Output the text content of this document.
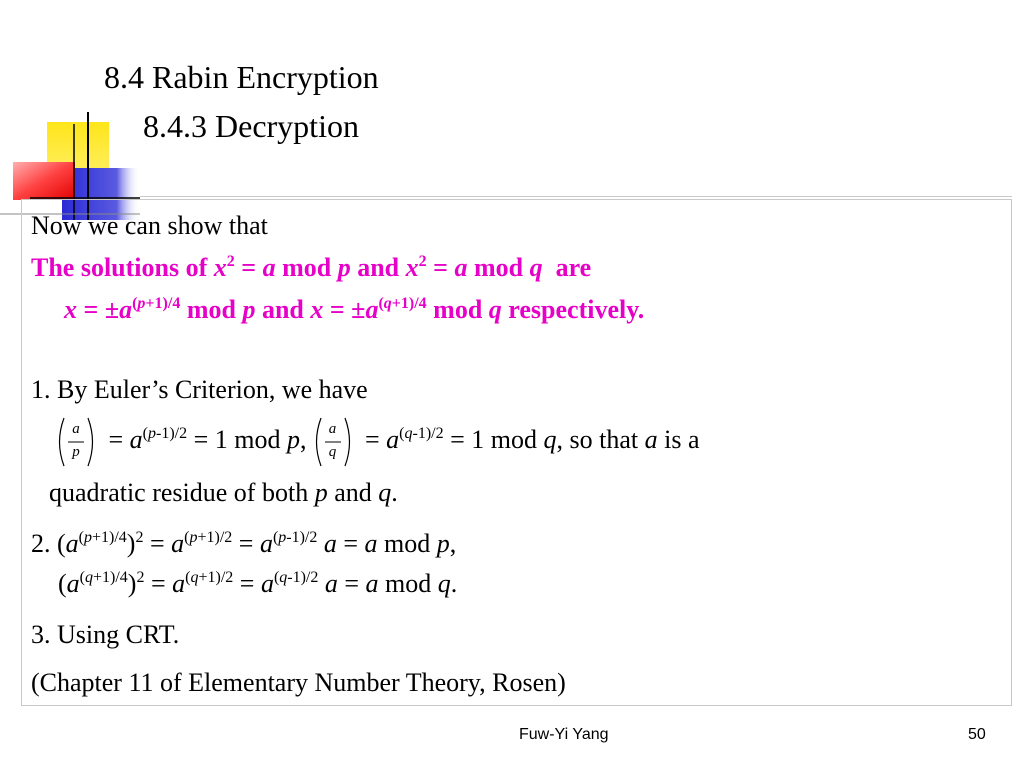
8.4 Rabin Encryption
8.4.3 Decryption
Now we can show that
The solutions of $x^2 = a$ mod p and $x^2 = a$ mod q  are
$x = \pm a^{(p+1)/4}$ mod p and $x = \pm a^{(q+1)/4}$ mod q respectively.
1. By Euler’s Criterion, we have
a
$p = a^{(p-1)/2} = 1$ mod p,	a
$q = a^{(q-1)/2} = 1$ mod q, so that a is a
quadratic residue of both p and q.
2. $(a^{(p+1)/4})^2 = a^{(p+1)/2} = a^{(p-1)/2}$ a = a mod p,
$(a^{(q+1)/4})^2 = a^{(q+1)/2} = a^{(q-1)/2}$ a = a mod q.
3. Using CRT.
(Chapter 11 of Elementary Number Theory, Rosen)
Fuw-Yi Yang	50
